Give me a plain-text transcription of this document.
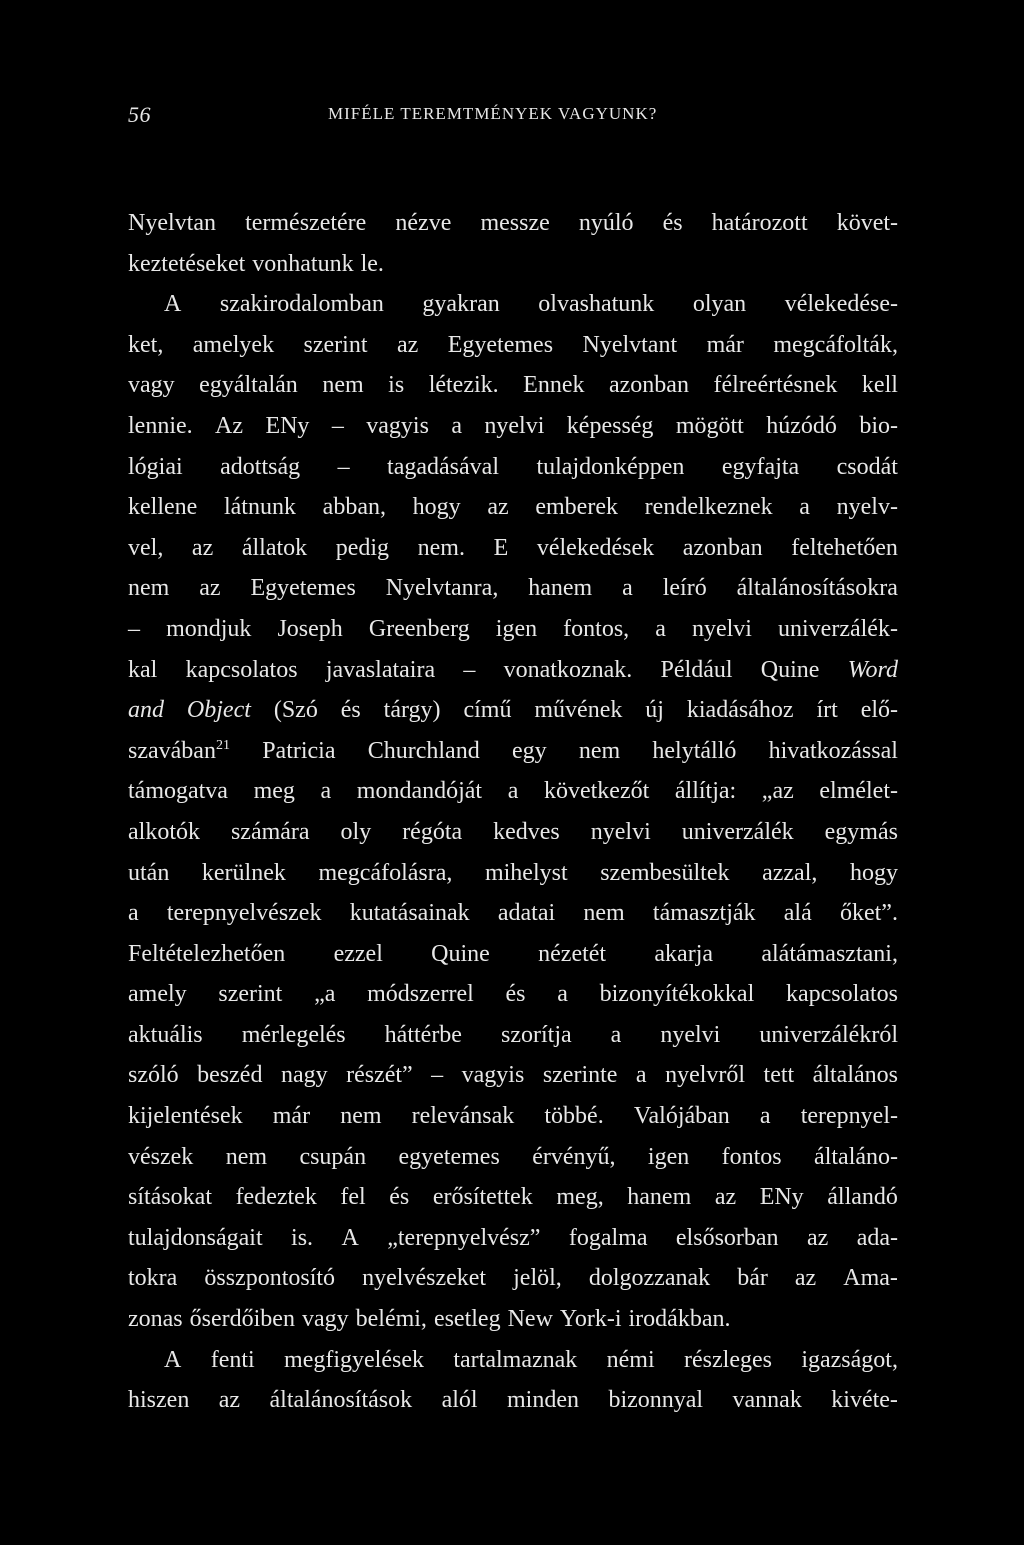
56	MIFÉLE TEREMTMÉNYEK VAGYUNK?
Nyelvtan természetére nézve messze nyúló és határozott követ-
keztetéseket vonhatunk le.
A szakirodalomban gyakran olvashatunk olyan vélekedése-
ket, amelyek szerint az Egyetemes Nyelvtant már megcáfolták,
vagy egyáltalán nem is létezik. Ennek azonban félreértésnek kell
lennie. Az ENy – vagyis a nyelvi képesség mögött húzódó bio-
lógiai adottság – tagadásával tulajdonképpen egyfajta csodát
kellene látnunk abban, hogy az emberek rendelkeznek a nyelv-
vel, az állatok pedig nem. E vélekedések azonban feltehetően
nem az Egyetemes Nyelvtanra, hanem a leíró általánosításokra
– mondjuk Joseph Greenberg igen fontos, a nyelvi univerzálék-
kal kapcsolatos javaslataira – vonatkoznak. Például Quine Word
and Object (Szó és tárgy) című művének új kiadásához írt elő-
szavában$^{21}$ Patricia Churchland egy nem helytálló hivatkozással
támogatva meg a mondandóját a következőt állítja: „az elmélet-
alkotók számára oly régóta kedves nyelvi univerzálék egymás
után kerülnek megcáfolásra, mihelyst szembesültek azzal, hogy
a terepnyelvészek kutatásainak adatai nem támasztják alá őket”.
Feltételezhetően ezzel Quine nézetét akarja alátámasztani,
amely szerint „a módszerrel és a bizonyítékokkal kapcsolatos
aktuális mérlegelés háttérbe szorítja a nyelvi univerzálékról
szóló beszéd nagy részét” – vagyis szerinte a nyelvről tett általános
kijelentések már nem relevánsak többé. Valójában a terepnyel-
vészek nem csupán egyetemes érvényű, igen fontos általáno-
sításokat fedeztek fel és erősítettek meg, hanem az ENy állandó
tulajdonságait is. A „terepnyelvész” fogalma elsősorban az ada-
tokra összpontosító nyelvészeket jelöl, dolgozzanak bár az Ama-
zonas őserdőiben vagy belémi, esetleg New York-i irodákban.
A fenti megfigyelések tartalmaznak némi részleges igazságot,
hiszen az általánosítások alól minden bizonnyal vannak kivéte-
